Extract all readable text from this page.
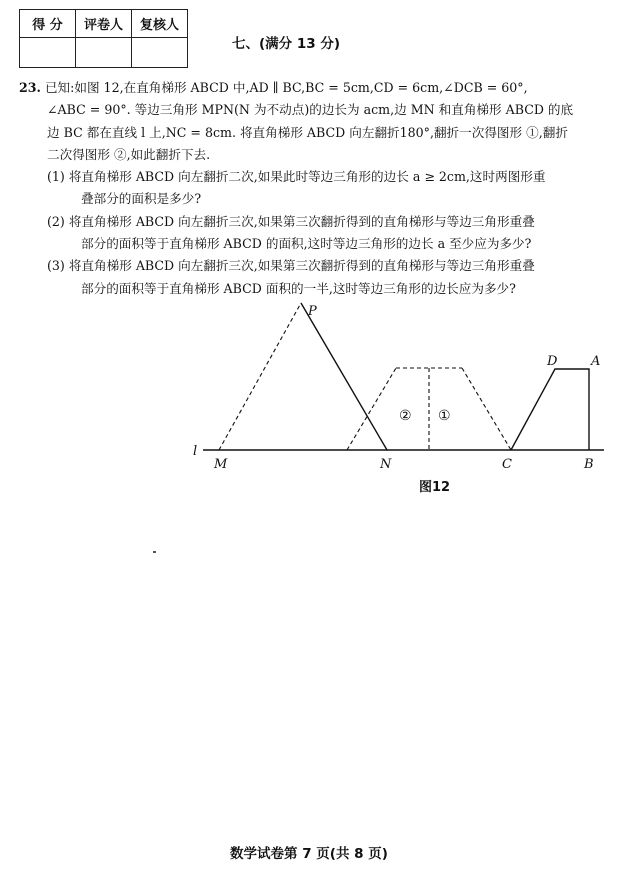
得 分	评卷人	复核人

七、(满分 13 分)
23. 已知:如图 12,在直角梯形 ABCD 中,AD ∥ BC,BC = 5cm,CD = 6cm,∠DCB = 60°,
∠ABC = 90°. 等边三角形 MPN(N 为不动点)的边长为 acm,边 MN 和直角梯形 ABCD 的底
边 BC 都在直线 l 上,NC = 8cm. 将直角梯形 ABCD 向左翻折180°,翻折一次得图形 ①,翻折
二次得图形 ②,如此翻折下去.
(1) 将直角梯形 ABCD 向左翻折二次,如果此时等边三角形的边长 a ≥ 2cm,这时两图形重
叠部分的面积是多少?
(2) 将直角梯形 ABCD 向左翻折三次,如果第三次翻折得到的直角梯形与等边三角形重叠
部分的面积等于直角梯形 ABCD 的面积,这时等边三角形的边长 a 至少应为多少?
(3) 将直角梯形 ABCD 向左翻折三次,如果第三次翻折得到的直角梯形与等边三角形重叠
部分的面积等于直角梯形 ABCD 面积的一半,这时等边三角形的边长应为多少?
P
l
M	N	C	B
D	A
② ①
图12
数学试卷第 7 页(共 8 页)
